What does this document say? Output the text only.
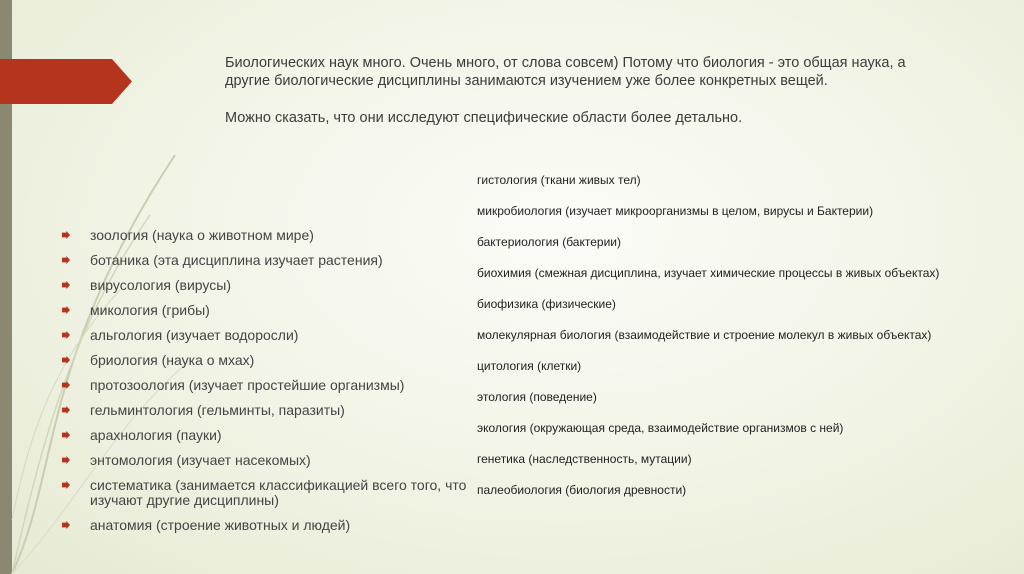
Биологических наук много. Очень много, от слова совсем) Потому что биология - это общая наука, а другие биологические дисциплины занимаются изучением уже более конкретных вещей.

Можно сказать, что они исследуют специфические области более детально.

зоология (наука о животном мире)
ботаника (эта дисциплина изучает растения)
вирусология (вирусы)
микология (грибы)
альгология (изучает водоросли)
бриология (наука о мхах)
протозоология (изучает простейшие организмы)
гельминтология (гельминты, паразиты)
арахнология (пауки)
энтомология (изучает насекомых)
систематика (занимается классификацией всего того, что изучают другие дисциплины)
анатомия (строение животных и людей)
гистология (ткани живых тел)
микробиология (изучает микроорганизмы в целом, вирусы и Бактерии)
бактериология (бактерии)
биохимия (смежная дисциплина, изучает химические процессы в живых объектах)
биофизика (физические)
молекулярная биология (взаимодействие и строение молекул в живых объектах)
цитология (клетки)
этология (поведение)
экология (окружающая среда, взаимодействие организмов с ней)
генетика (наследственность, мутации)
палеобиология (биология древности)
